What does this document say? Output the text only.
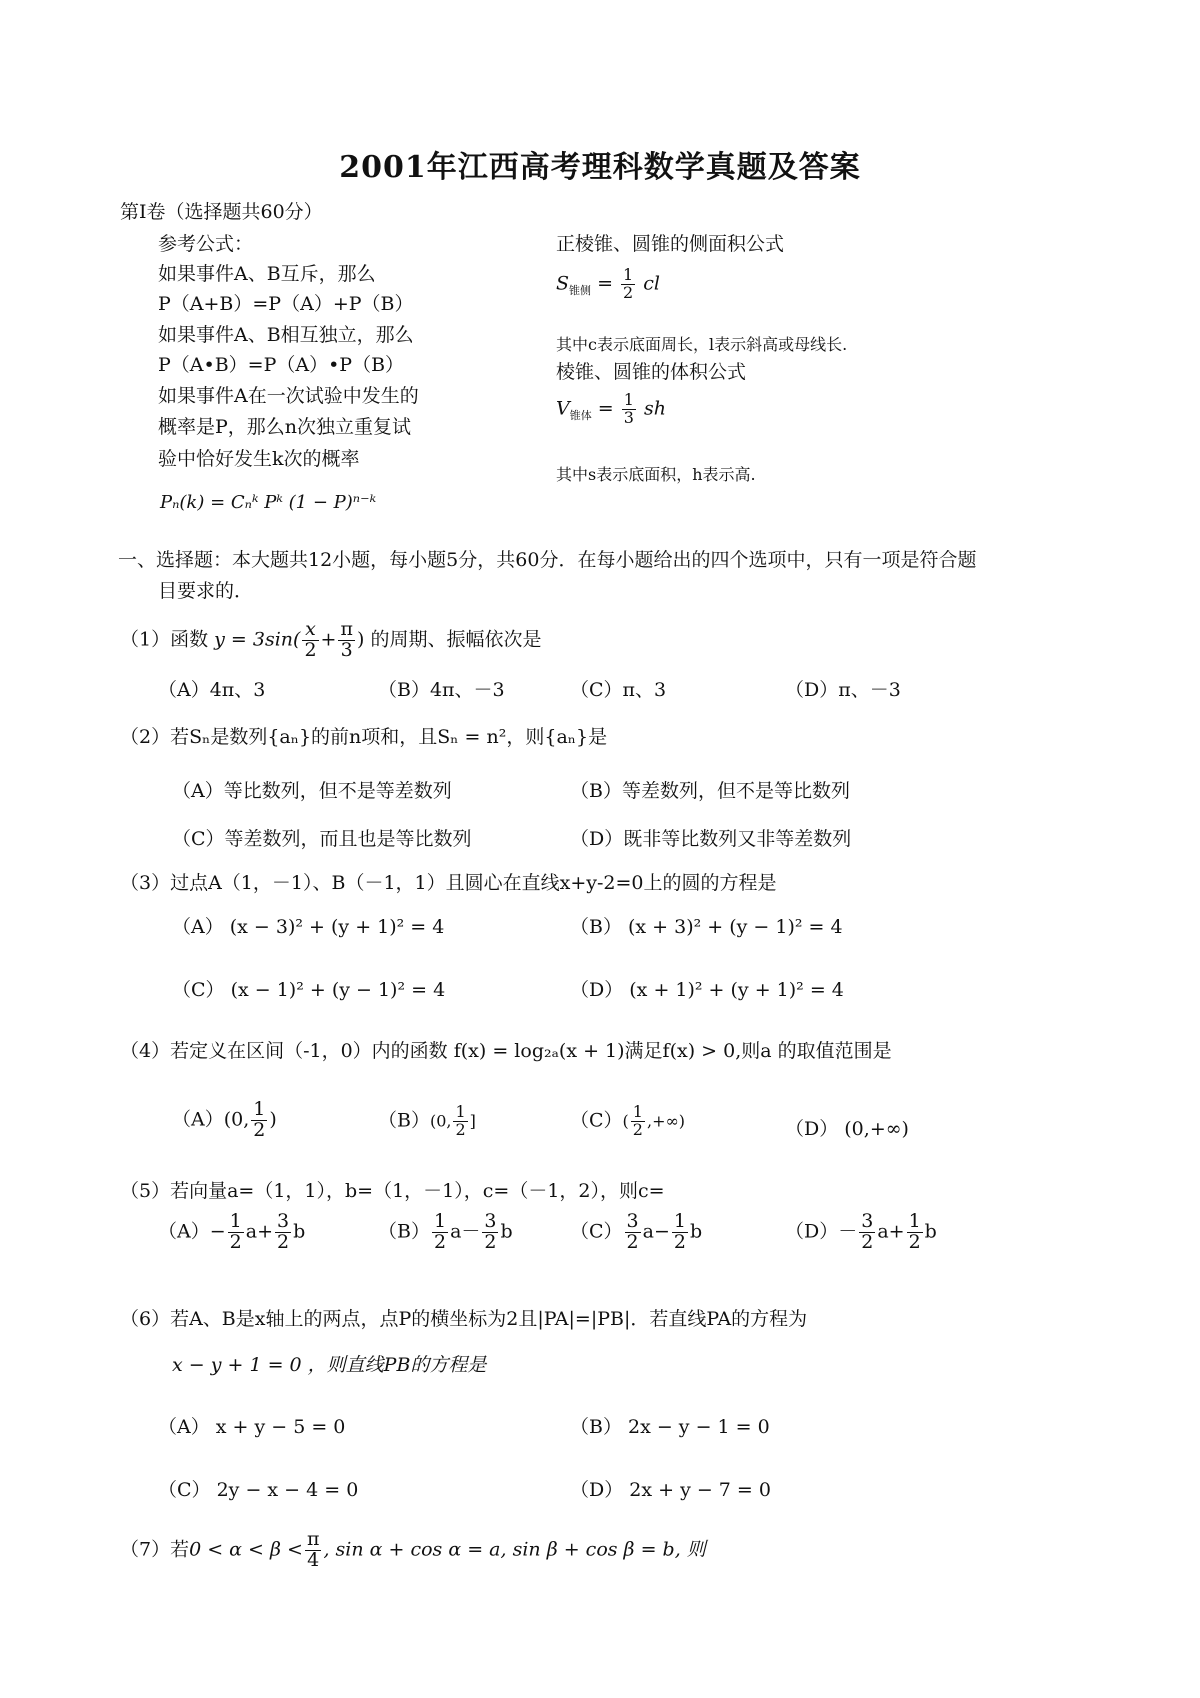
2001年江西高考理科数学真题及答案
第Ⅰ卷（选择题共60分）
参考公式：
如果事件A、B互斥，那么
P（A+B）=P（A）+P（B）
如果事件A、B相互独立，那么
P（A•B）=P（A）•P（B）
如果事件A在一次试验中发生的
概率是P，那么n次独立重复试
验中恰好发生k次的概率
Pₙ(k) = Cₙᵏ Pᵏ (1 − P)ⁿ⁻ᵏ
正棱锥、圆锥的侧面积公式
$S_{锥侧} = \frac{1}{2}$ cl
其中c表示底面周长，l表示斜高或母线长.
棱锥、圆锥的体积公式
$V_{锥体} = \frac{1}{3}$ sh
其中s表示底面积，h表示高.
一、选择题：本大题共12小题，每小题5分，共60分．在每小题给出的四个选项中，只有一项是符合题
目要求的．
（1）函数 $y = 3\sin( \frac{x}{2} + \frac{\pi}{3}$ ) 的周期、振幅依次是
（A）4π、3	（B）4π、－3	（C）π、3	（D）π、－3
（2）若Sₙ是数列{aₙ}的前n项和，且Sₙ = n²，则{aₙ}是
（A）等比数列，但不是等差数列	（B）等差数列，但不是等比数列
（C）等差数列，而且也是等比数列	（D）既非等比数列又非等差数列
（3）过点A（1，－1）、B（－1，1）且圆心在直线x+y-2=0上的圆的方程是
（A） (x − 3)² + (y + 1)² = 4	（B） (x + 3)² + (y − 1)² = 4
（C） (x − 1)² + (y − 1)² = 4	（D） (x + 1)² + (y + 1)² = 4
（4）若定义在区间（-1，0）内的函数 f(x) = log₂ₐ(x + 1)满足f(x) > 0,则a 的取值范围是
（A）(0, $\frac{1}{2}$ )	（B）(0, $\frac{1}{2}$ ]	$(C)( \frac{1}{2}$ ,+∞)	（D） (0,+∞)
（5）若向量a=（1，1），b=（1，－1），c=（－1，2），则c=
$(A)- \frac{1}{2} a+ \frac{3}{2}$ b	$(B) \frac{1}{2} a- \frac{3}{2}$ b	$(C) \frac{3}{2} a- \frac{1}{2}$ b	$(D)- \frac{3}{2} a+ \frac{1}{2}$ b
（6）若A、B是x轴上的两点，点P的横坐标为2且|PA|=|PB|．若直线PA的方程为
x − y + 1 = 0 ，则直线PB的方程是
（A） x + y − 5 = 0	（B） 2x − y − 1 = 0
（C） 2y − x − 4 = 0	（D） 2x + y − 7 = 0
（7）若$0 < \alpha < \beta < \frac{\pi}{4}$ , sin α + cos α = a, sin β + cos β = b, 则
